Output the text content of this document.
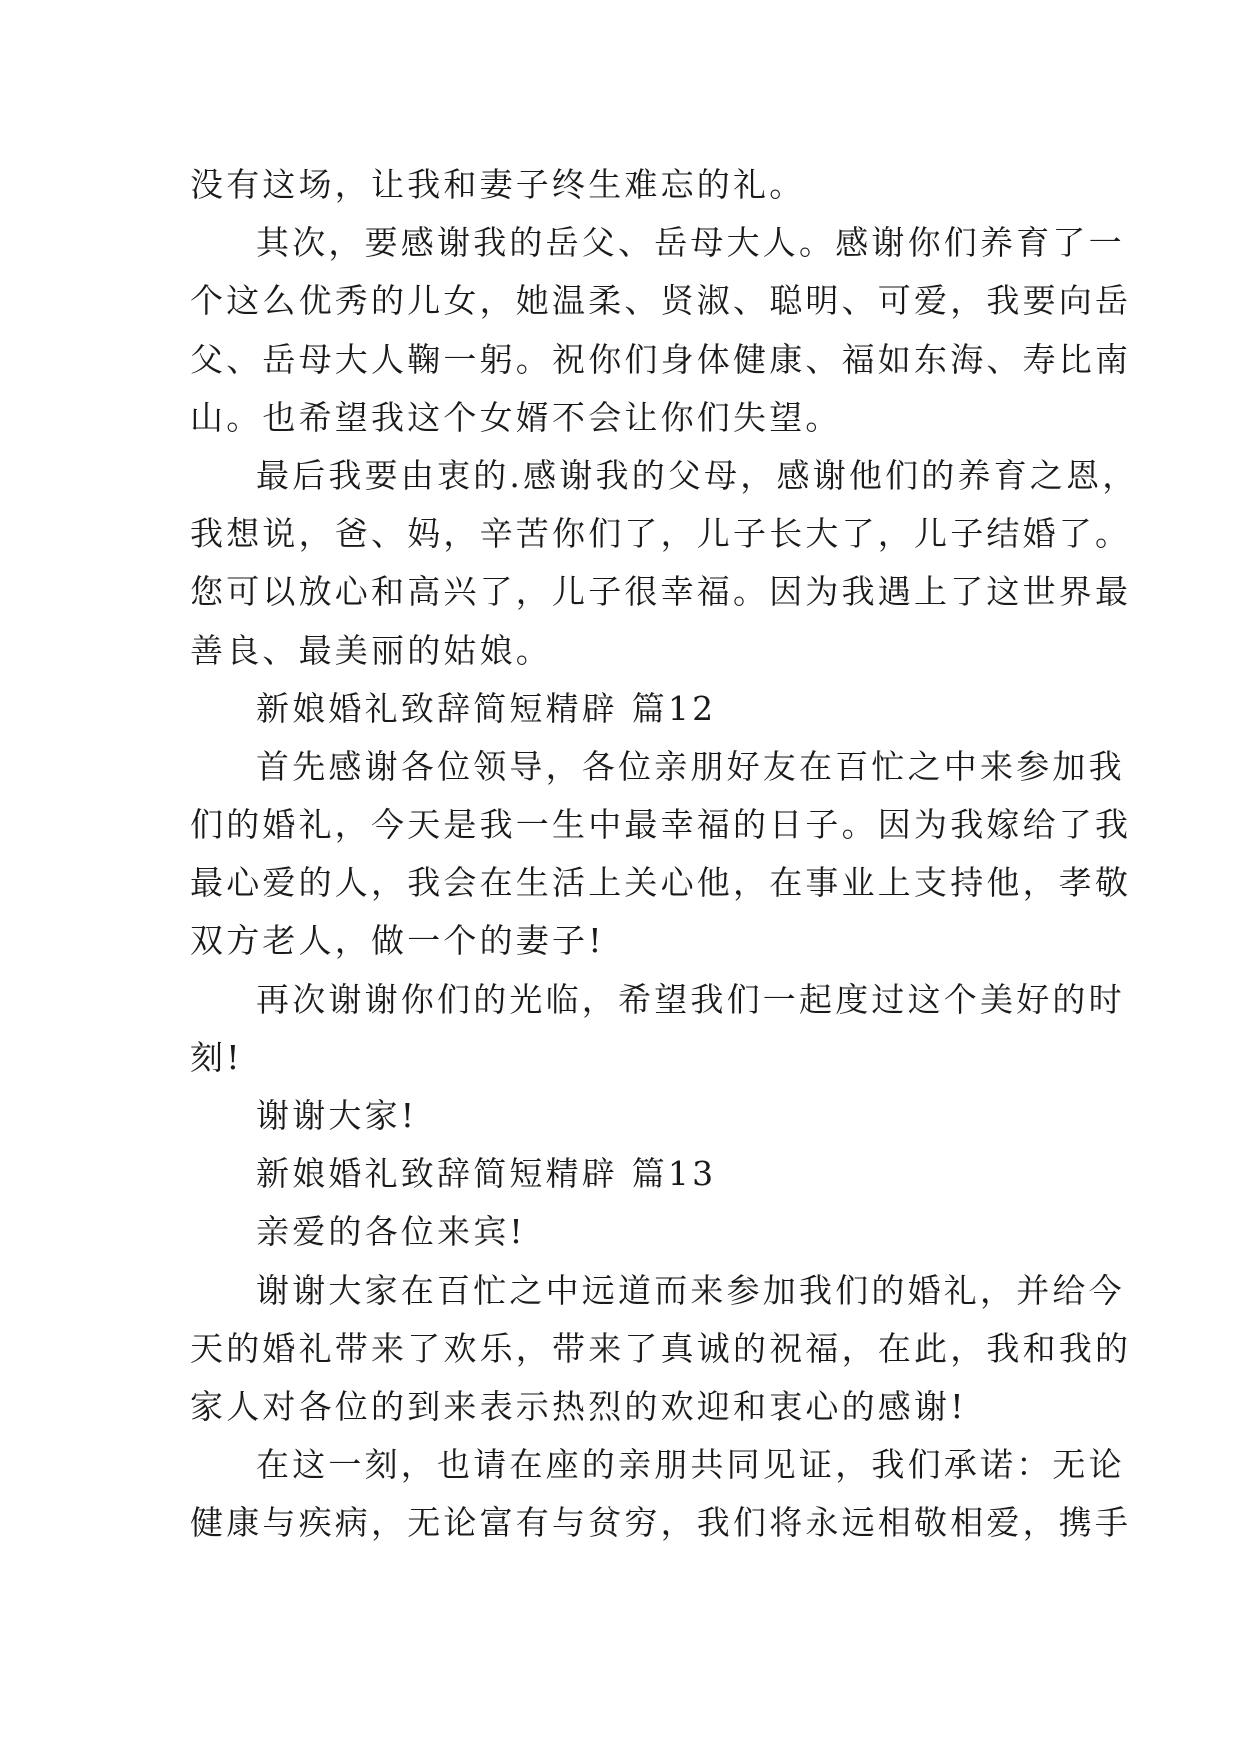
没有这场，让我和妻子终生难忘的礼。
其次，要感谢我的岳父、岳母大人。感谢你们养育了一
个这么优秀的儿女，她温柔、贤淑、聪明、可爱，我要向岳
父、岳母大人鞠一躬。祝你们身体健康、福如东海、寿比南
山。也希望我这个女婿不会让你们失望。
最后我要由衷的.感谢我的父母，感谢他们的养育之恩，
我想说，爸、妈，辛苦你们了，儿子长大了，儿子结婚了。
您可以放心和高兴了，儿子很幸福。因为我遇上了这世界最
善良、最美丽的姑娘。
新娘婚礼致辞简短精辟 篇12
首先感谢各位领导，各位亲朋好友在百忙之中来参加我
们的婚礼，今天是我一生中最幸福的日子。因为我嫁给了我
最心爱的人，我会在生活上关心他，在事业上支持他，孝敬
双方老人，做一个的妻子!
再次谢谢你们的光临，希望我们一起度过这个美好的时
刻!
谢谢大家!
新娘婚礼致辞简短精辟 篇13
亲爱的各位来宾!
谢谢大家在百忙之中远道而来参加我们的婚礼，并给今
天的婚礼带来了欢乐，带来了真诚的祝福，在此，我和我的
家人对各位的到来表示热烈的欢迎和衷心的感谢!
在这一刻，也请在座的亲朋共同见证，我们承诺：无论
健康与疾病，无论富有与贫穷，我们将永远相敬相爱，携手
